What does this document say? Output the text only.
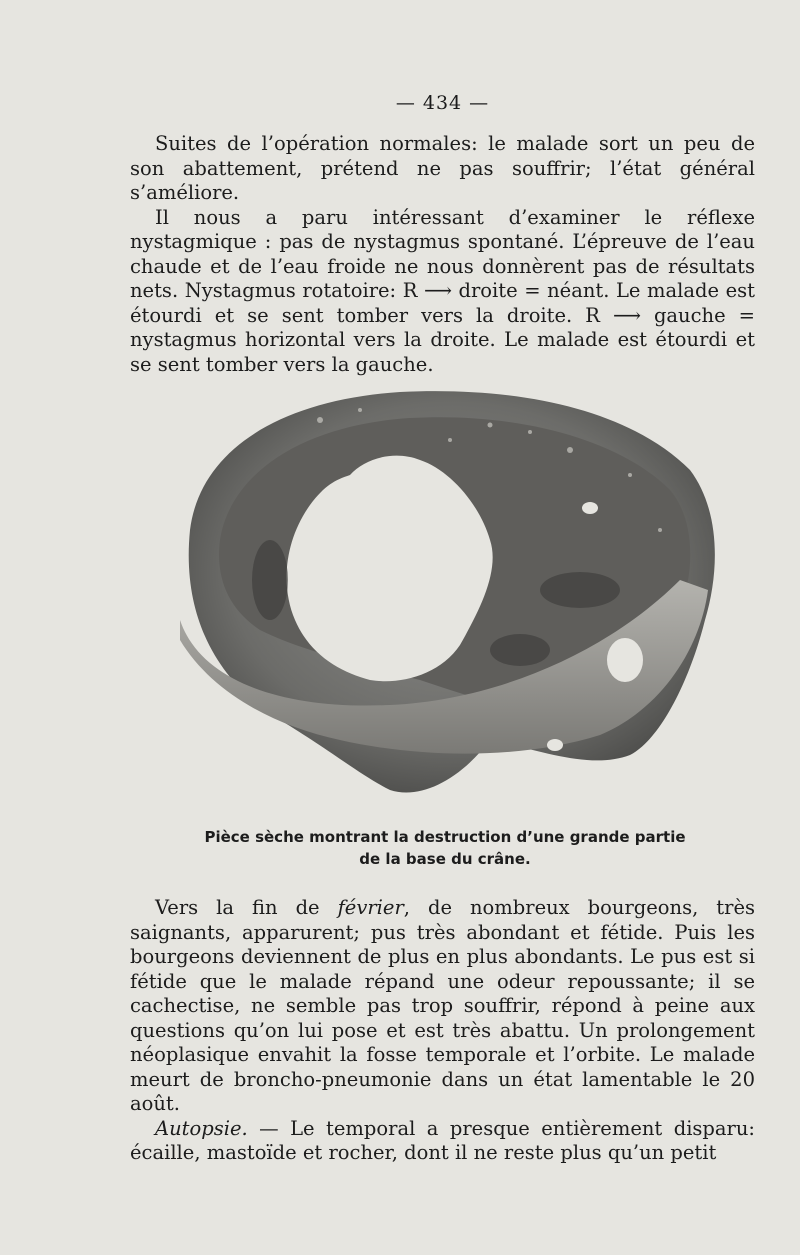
— 434 —

Suites de l’opération normales: le malade sort un peu de son abattement, prétend ne pas souffrir; l’état général s’améliore.

Il nous a paru intéressant d’examiner le réflexe nystagmique : pas de nystagmus spontané. L’épreuve de l’eau chaude et de l’eau froide ne nous donnèrent pas de résultats nets. Nystagmus rotatoire: R ⟶ droite = néant. Le malade est étourdi et se sent tomber vers la droite. R ⟶ gauche = nystagmus horizontal vers la droite. Le malade est étourdi et se sent tomber vers la gauche.

Pièce sèche montrant la destruction d’une grande partie
de la base du crâne.

Vers la fin de février, de nombreux bourgeons, très saignants, apparurent; pus très abondant et fétide. Puis les bourgeons deviennent de plus en plus abondants. Le pus est si fétide que le malade répand une odeur repoussante; il se cachectise, ne semble pas trop souffrir, répond à peine aux questions qu’on lui pose et est très abattu. Un prolongement néoplasique envahit la fosse temporale et l’orbite. Le malade meurt de broncho-pneumonie dans un état lamentable le 20 août.

Autopsie. — Le temporal a presque entièrement disparu: écaille, mastoïde et rocher, dont il ne reste plus qu’un petit
